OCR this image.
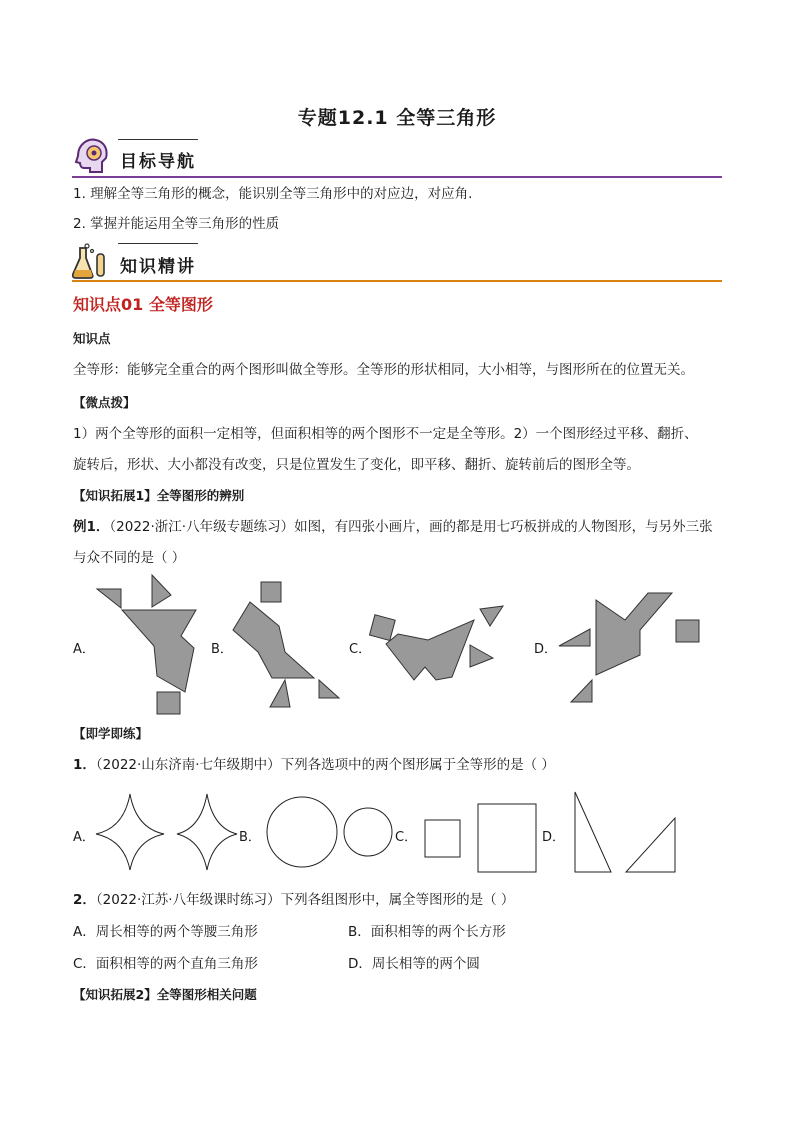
专题12.1 全等三角形
目标导航
1. 理解全等三角形的概念，能识别全等三角形中的对应边，对应角.
2. 掌握并能运用全等三角形的性质
知识精讲
知识点01 全等图形
知识点
全等形：能够完全重合的两个图形叫做全等形。全等形的形状相同，大小相等，与图形所在的位置无关。
【微点拨】
1）两个全等形的面积一定相等，但面积相等的两个图形不一定是全等形。2）一个图形经过平移、翻折、
旋转后，形状、大小都没有改变，只是位置发生了变化，即平移、翻折、旋转前后的图形全等。
【知识拓展1】全等图形的辨别
例1．（2022·浙江·八年级专题练习）如图，有四张小画片，画的都是用七巧板拼成的人物图形，与另外三张
与众不同的是（ ）
A．	B．	C．	D．
【即学即练】
1．（2022·山东济南·七年级期中）下列各选项中的两个图形属于全等形的是（ ）
A．	B．	C．	D．
2．（2022·江苏·八年级课时练习）下列各组图形中，属全等图形的是（ ）
A．周长相等的两个等腰三角形	B．面积相等的两个长方形
C．面积相等的两个直角三角形	D．周长相等的两个圆
【知识拓展2】全等图形相关问题
